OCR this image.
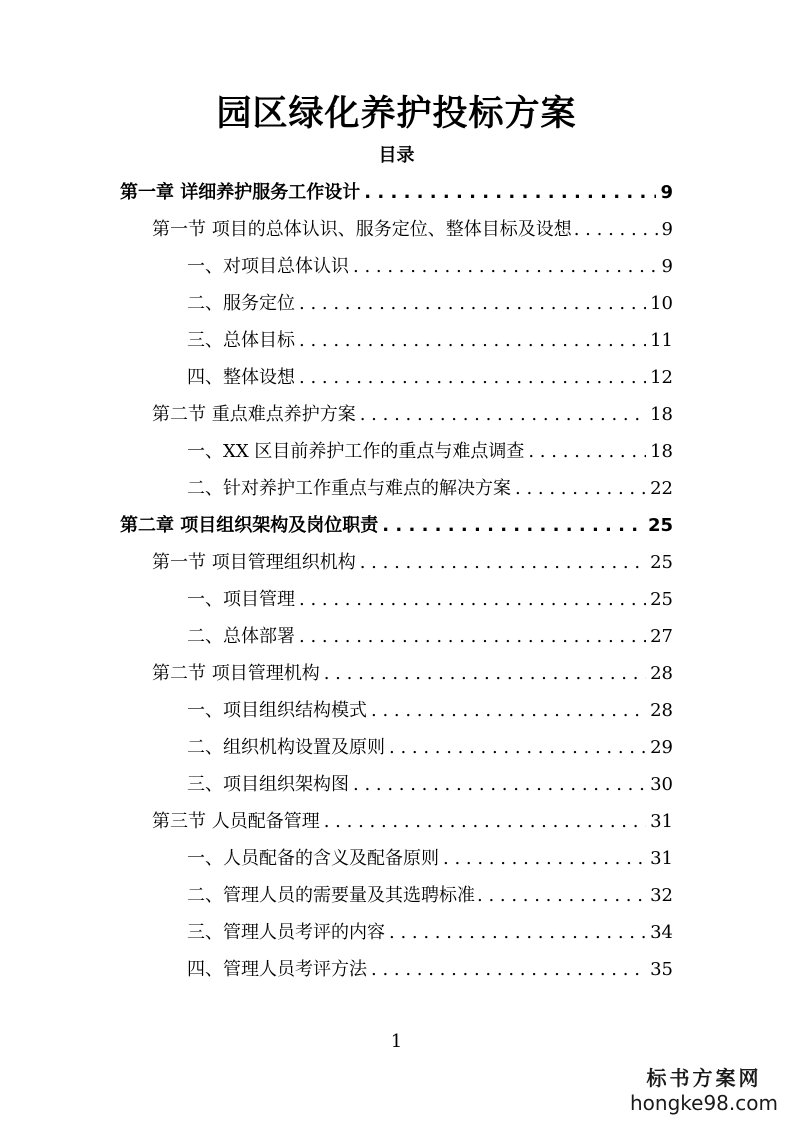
园区绿化养护投标方案
目录
第一章 详细养护服务工作设计 . . .	9
第一节 项目的总体认识、服务定位、整体目标及设想 . . .	9
一、对项目总体认识 . . .	9
二、服务定位 . . .	10
三、总体目标 . . .	11
四、整体设想 . . .	12
第二节 重点难点养护方案 . . .	18
一、XX 区目前养护工作的重点与难点调查 . . .	18
二、针对养护工作重点与难点的解决方案 . . .	22
第二章 项目组织架构及岗位职责 . . .	25
第一节 项目管理组织机构 . . .	25
一、项目管理 . . .	25
二、总体部署 . . .	27
第二节 项目管理机构 . . .	28
一、项目组织结构模式 . . .	28
二、组织机构设置及原则 . . .	29
三、项目组织架构图 . . .	30
第三节 人员配备管理 . . .	31
一、人员配备的含义及配备原则 . . .	31
二、管理人员的需要量及其选聘标准 . . .	32
三、管理人员考评的内容 . . .	34
四、管理人员考评方法 . . .	35
1
标书方案网
hongke98.com
